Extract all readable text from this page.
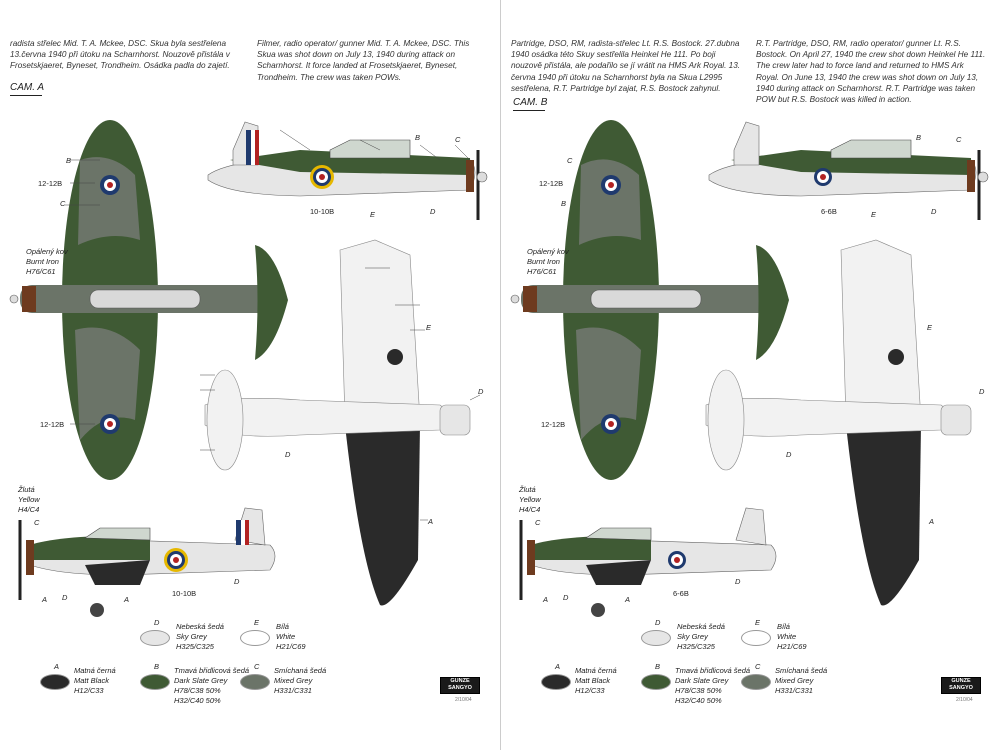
radista střelec Mid. T. A. Mckee, DSC. Skua byla sestřelena 13.června 1940 při útoku na Scharnhorst. Nouzově přistála v Frosetskjaeret, Byneset, Trondheim. Osádka padla do zajetí.

Filmer, radio operator/ gunner Mid. T. A. Mckee, DSC. This Skua was shot down on July 13, 1940 during attack on Scharnhorst. It force landed at Frosetskjaeret, Byneset, Trondheim. The crew was taken POWs.

CAM. A
B
12-12B
C
12-12B
10-10B
10-10B
B	C
E	D
E
D
D
A
C
A D	A
D
Opálený kov
Burnt Iron
H76/C61
Žlutá
Yellow
H4/C4
D Nebeská šedá
Sky Grey
H325/C325
E Bílá
White
H21/C69
A Matná černá
Matt Black
H12/C33
B Tmavá břidlicová šedá
Dark Slate Grey
H78/C38 50%
H32/C40 50%
C Smíchaná šedá
Mixed Grey
H331/C331
GUNZE SANGYO
2/10/04

Partridge, DSO, RM, radista-střelec Lt. R.S. Bostock. 27.dubna 1940 osádka této Skuy sestřelila Heinkel He 111. Po boji nouzově přistála, ale podařilo se jí vrátit na HMS Ark Royal. 13. června 1940 při útoku na Scharnhorst byla na Skua L2995 sestřelena, R.T. Partridge byl zajat, R.S. Bostock zahynul.

R.T. Partridge, DSO, RM, radio operator/ gunner Lt. R.S. Bostock. On April 27, 1940 the crew shot down Heinkel He 111. The crew later had to force land and returned to HMS Ark Royal. On June 13, 1940 the crew was shot down on July 13, 1940 during attack on Scharnhorst. R.T. Partridge was taken POW but R.S. Bostock was killed in action.

CAM. B
C
12-12B
B
12-12B
6-6B
6-6B
B	C
E	D
E
D
D
A
C
A D	A
D
Opálený kov
Burnt Iron
H76/C61
Žlutá
Yellow
H4/C4
D Nebeská šedá
Sky Grey
H325/C325
E Bílá
White
H21/C69
A Matná černá
Matt Black
H12/C33
B Tmavá břidlicová šedá
Dark Slate Grey
H78/C38 50%
H32/C40 50%
C Smíchaná šedá
Mixed Grey
H331/C331
GUNZE SANGYO
2/10/04
